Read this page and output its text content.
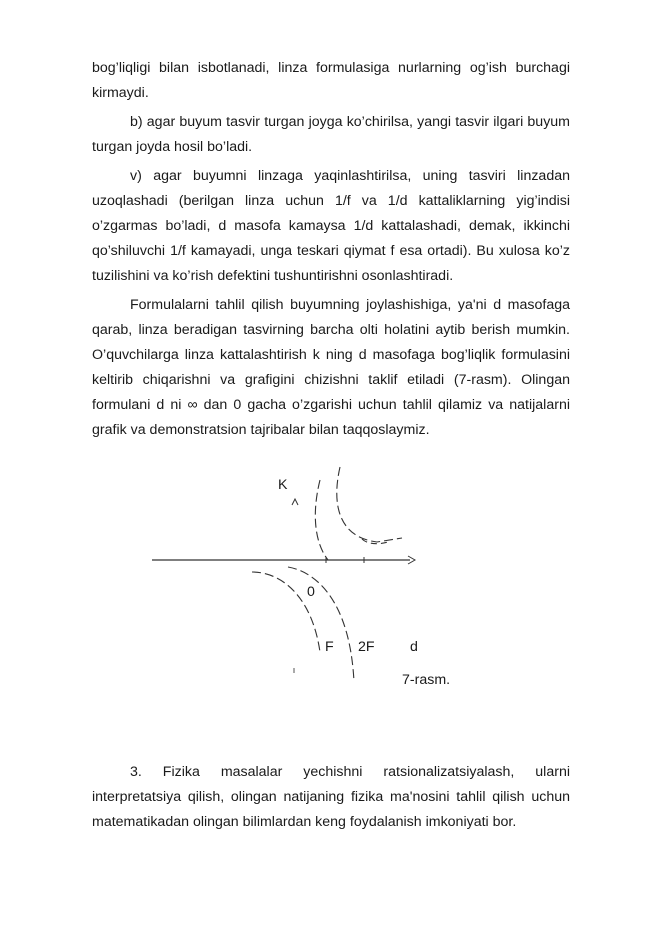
bog’liqligi bilan isbotlanadi, linza formulasiga nurlarning og’ish burchagi kirmaydi.

b) agar buyum tasvir turgan joyga ko’chirilsa, yangi tasvir ilgari buyum turgan joyda hosil bo’ladi.

v) agar buyumni linzaga yaqinlashtirilsa, uning tasviri linzadan uzoqlashadi (berilgan linza uchun 1/f va 1/d kattaliklarning yig’indisi o’zgarmas bo’ladi, d masofa kamaysa 1/d kattalashadi, demak, ikkinchi qo’shiluvchi 1/f kamayadi, unga teskari qiymat f esa ortadi). Bu xulosa ko’z tuzilishini va ko’rish defektini tushuntirishni osonlashtiradi.

Formulalarni tahlil qilish buyumning joylashishiga, ya'ni d masofaga qarab, linza beradigan tasvirning barcha olti holatini aytib berish mumkin. O’quvchilarga linza kattalashtirish k ning d masofaga bog’liqlik formulasini keltirib chiqarishni va grafigini chizishni taklif etiladi (7-rasm). Olingan formulani d ni ∞ dan 0 gacha o’zgarishi uchun tahlil qilamiz va natijalarni grafik va demonstratsion tajribalar bilan taqqoslaymiz.

K
0
F 2F d
7-rasm.

3. Fizika masalalar yechishni ratsionalizatsiyalash, ularni interpretatsiya qilish, olingan natijaning fizika ma'nosini tahlil qilish uchun matematikadan olingan bilimlardan keng foydalanish imkoniyati bor.
